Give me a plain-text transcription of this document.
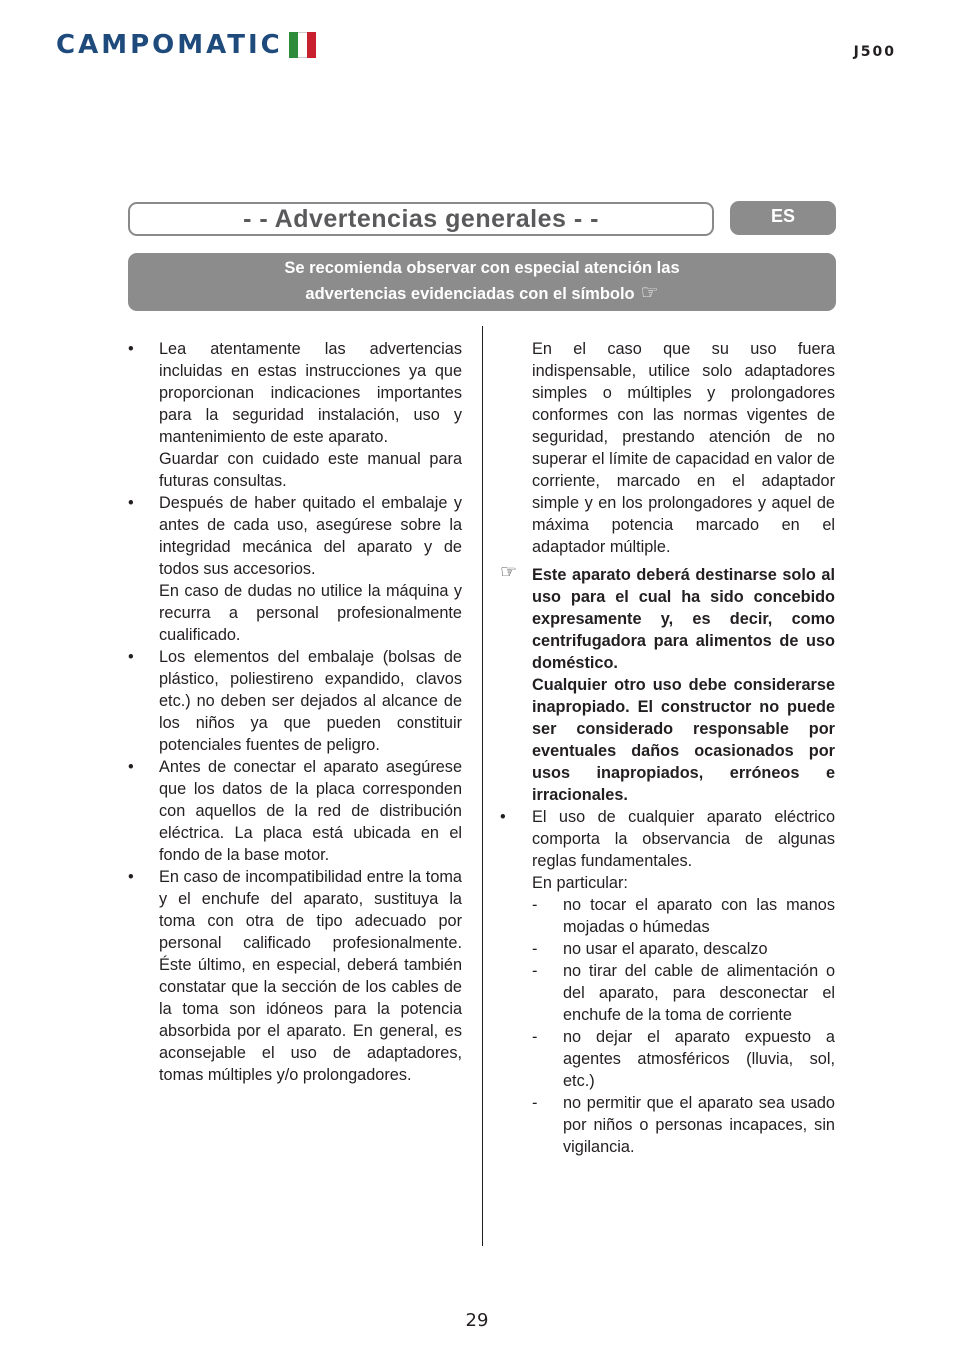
CAMPOMATIC	J500
- - Advertencias generales - -	ES
Se recomienda observar con especial atención las
advertencias evidenciadas con el símbolo ☞
• Lea atentamente las advertencias incluidas en estas instrucciones ya que proporcionan indicaciones importantes para la seguridad instalación, uso y mantenimiento de este aparato.

Guardar con cuidado este manual para futuras consultas.

• Después de haber quitado el embalaje y antes de cada uso, asegúrese sobre la integridad mecánica del aparato y de todos sus accesorios.

En caso de dudas no utilice la máquina y recurra a personal profesionalmente cualificado.

• Los elementos del embalaje (bolsas de plástico, poliestireno expandido, clavos etc.) no deben ser dejados al alcance de los niños ya que pueden constituir potenciales fuentes de peligro.

• Antes de conectar el aparato asegúrese que los datos de la placa corresponden con aquellos de la red de distribución eléctrica. La placa está ubicada en el fondo de la base motor.

• En caso de incompatibilidad entre la toma y el enchufe del aparato, sustituya la toma con otra de tipo adecuado por personal calificado profesionalmente. Éste último, en especial, deberá también constatar que la sección de los cables de la toma son idóneos para la potencia absorbida por el aparato. En general, es aconsejable el uso de adaptadores, tomas múltiples y/o prolongadores.

En el caso que su uso fuera indispensable, utilice solo adaptadores simples o múltiples y prolongadores conformes con las normas vigentes de seguridad, prestando atención de no superar el límite de capacidad en valor de corriente, marcado en el adaptador simple y en los prolongadores y aquel de máxima potencia marcado en el adaptador múltiple.

☞ Este aparato deberá destinarse solo al uso para el cual ha sido concebido expresamente y, es decir, como centrifugadora para alimentos de uso doméstico.

Cualquier otro uso debe considerarse inapropiado. El constructor no puede ser considerado responsable por eventuales daños ocasionados por usos inapropiados, erróneos e irracionales.

• El uso de cualquier aparato eléctrico comporta la observancia de algunas reglas fundamentales.

En particular:

- no tocar el aparato con las manos mojadas o húmedas
- no usar el aparato, descalzo
- no tirar del cable de alimentación o del aparato, para desconectar el enchufe de la toma de corriente
- no dejar el aparato expuesto a agentes atmosféricos (lluvia, sol, etc.)
- no permitir que el aparato sea usado por niños o personas incapaces, sin vigilancia.
29
